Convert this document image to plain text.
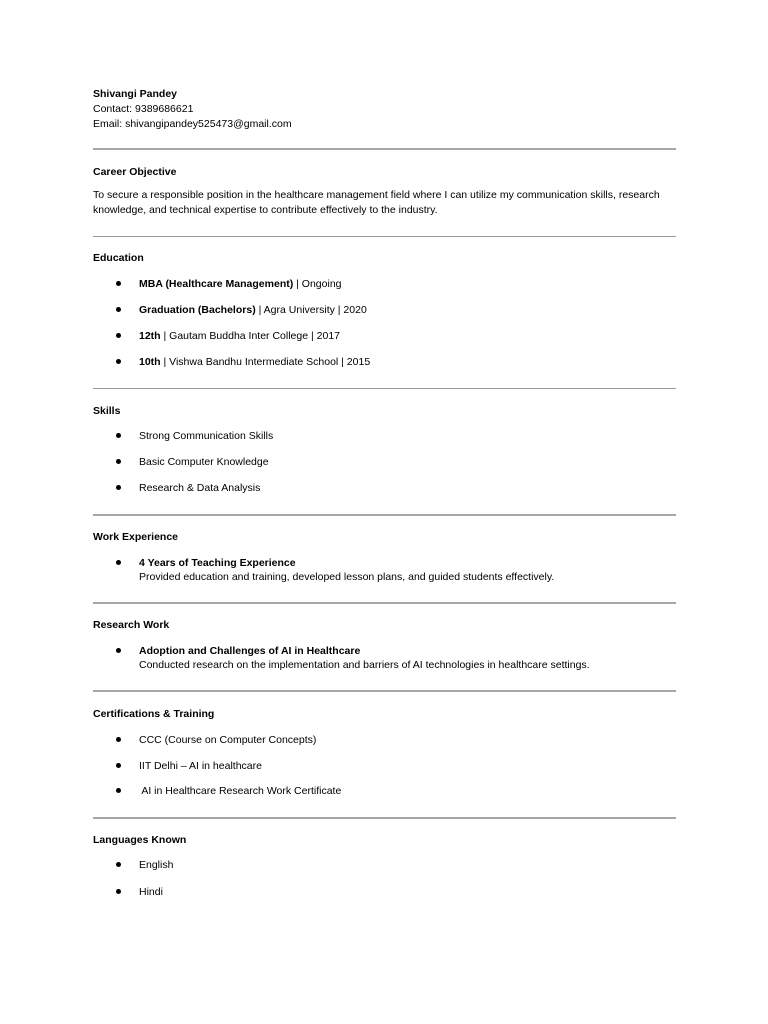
Shivangi Pandey
Contact: 9389686621
Email: shivangipandey525473@gmail.com
Career Objective
To secure a responsible position in the healthcare management field where I can utilize my communication skills, research knowledge, and technical expertise to contribute effectively to the industry.
Education
MBA (Healthcare Management) | Ongoing
Graduation (Bachelors) | Agra University | 2020
12th | Gautam Buddha Inter College | 2017
10th | Vishwa Bandhu Intermediate School | 2015
Skills
Strong Communication Skills
Basic Computer Knowledge
Research & Data Analysis
Work Experience
4 Years of Teaching Experience
Provided education and training, developed lesson plans, and guided students effectively.
Research Work
Adoption and Challenges of AI in Healthcare
Conducted research on the implementation and barriers of AI technologies in healthcare settings.
Certifications & Training
CCC (Course on Computer Concepts)
IIT Delhi – AI in healthcare
AI in Healthcare Research Work Certificate
Languages Known
English
Hindi
